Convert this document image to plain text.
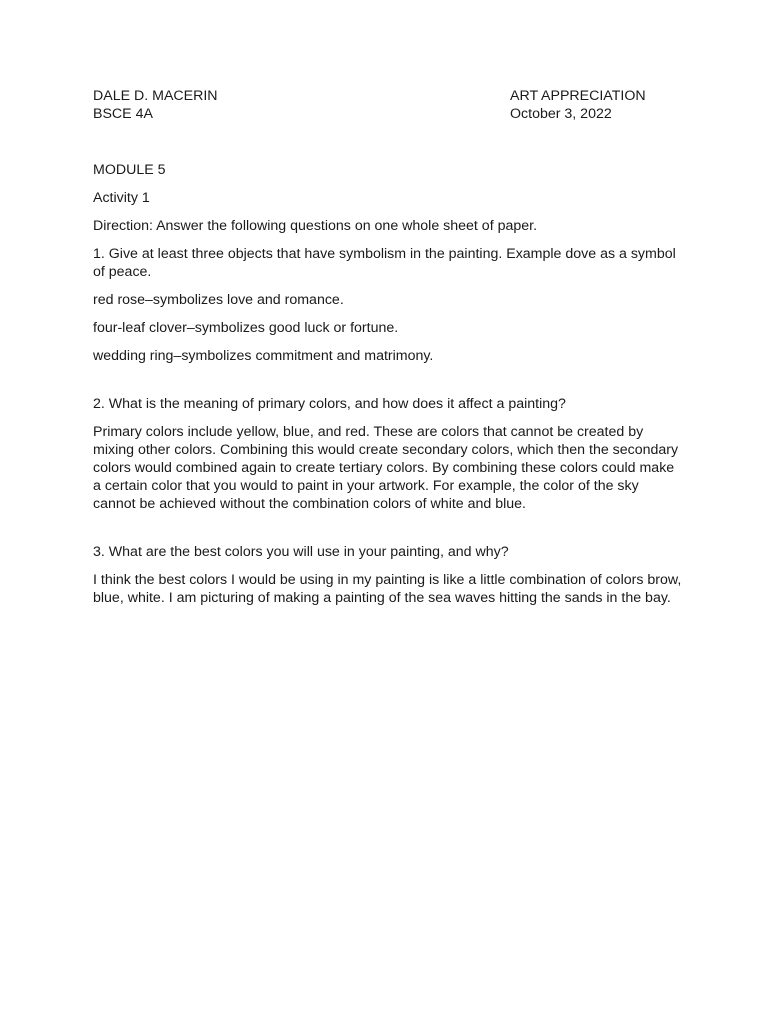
DALE D. MACERIN	ART APPRECIATION
BSCE 4A	October 3, 2022

MODULE 5

Activity 1

Direction: Answer the following questions on one whole sheet of paper.

1. Give at least three objects that have symbolism in the painting. Example dove as a symbol of peace.

red rose–symbolizes love and romance.

four-leaf clover–symbolizes good luck or fortune.

wedding ring–symbolizes commitment and matrimony.

2. What is the meaning of primary colors, and how does it affect a painting?

Primary colors include yellow, blue, and red. These are colors that cannot be created by mixing other colors. Combining this would create secondary colors, which then the secondary colors would combined again to create tertiary colors. By combining these colors could make a certain color that you would to paint in your artwork. For example, the color of the sky cannot be achieved without the combination colors of white and blue.

3. What are the best colors you will use in your painting, and why?

I think the best colors I would be using in my painting is like a little combination of colors brow, blue, white. I am picturing of making a painting of the sea waves hitting the sands in the bay.
